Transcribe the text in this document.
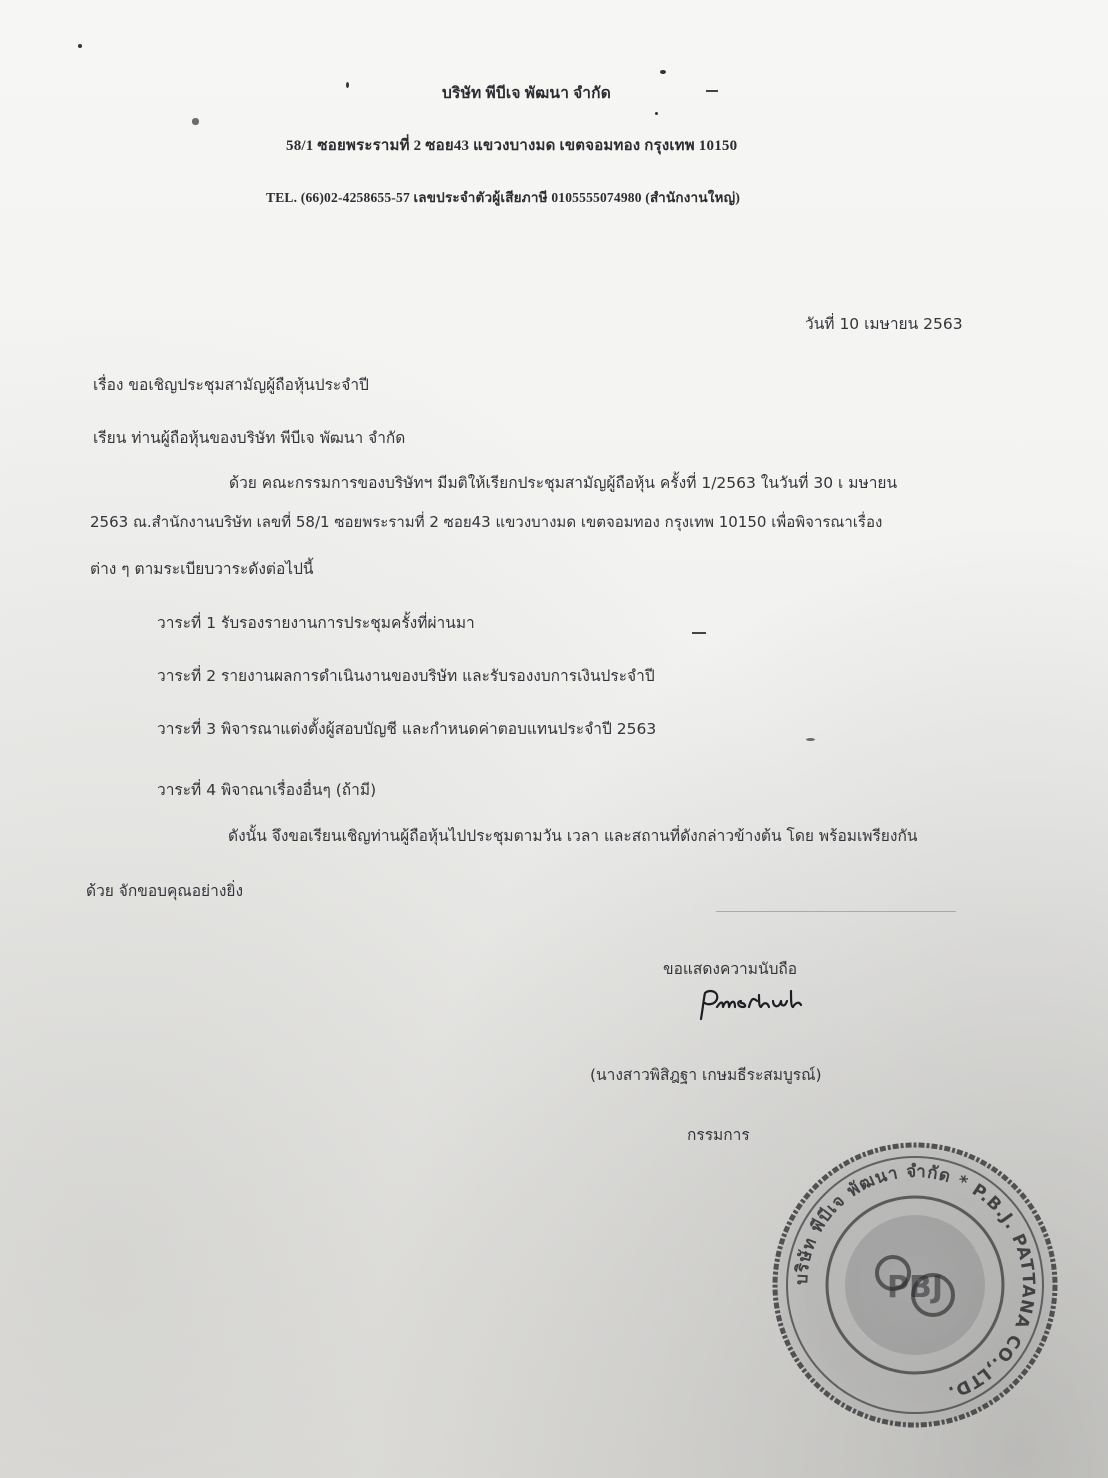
บริษัท พีบีเจ พัฒนา จำกัด
58/1 ซอยพระรามที่ 2 ซอย43 แขวงบางมด เขตจอมทอง กรุงเทพ 10150
TEL. (66)02-4258655-57 เลขประจำตัวผู้เสียภาษี 0105555074980 (สำนักงานใหญ่)
วันที่ 10 เมษายน 2563
เรื่อง ขอเชิญประชุมสามัญผู้ถือหุ้นประจำปี
เรียน ท่านผู้ถือหุ้นของบริษัท พีบีเจ พัฒนา จำกัด
ด้วย คณะกรรมการของบริษัทฯ มีมติให้เรียกประชุมสามัญผู้ถือหุ้น ครั้งที่ 1/2563 ในวันที่ 30 เ มษายน
2563 ณ.สำนักงานบริษัท เลขที่ 58/1 ซอยพระรามที่ 2 ซอย43 แขวงบางมด เขตจอมทอง กรุงเทพ 10150 เพื่อพิจารณาเรื่อง
ต่าง ๆ ตามระเบียบวาระดังต่อไปนี้
วาระที่ 1 รับรองรายงานการประชุมครั้งที่ผ่านมา
วาระที่ 2 รายงานผลการดำเนินงานของบริษัท และรับรองงบการเงินประจำปี
วาระที่ 3 พิจารณาแต่งตั้งผู้สอบบัญชี และกำหนดค่าตอบแทนประจำปี 2563
วาระที่ 4 พิจาณาเรื่องอื่นๆ (ถ้ามี)
ดังนั้น จึงขอเรียนเชิญท่านผู้ถือหุ้นไปประชุมตามวัน เวลา และสถานที่ดังกล่าวข้างต้น โดย พร้อมเพรียงกัน
ด้วย จักขอบคุณอย่างยิ่ง
ขอแสดงความนับถือ
(นางสาวพิสิฎฐา เกษมธีระสมบูรณ์)
กรรมการ
บริษัท พีบีเจ พัฒนา จำกัด * P.B.J. PATTANA CO.,LTD.
PBJ
